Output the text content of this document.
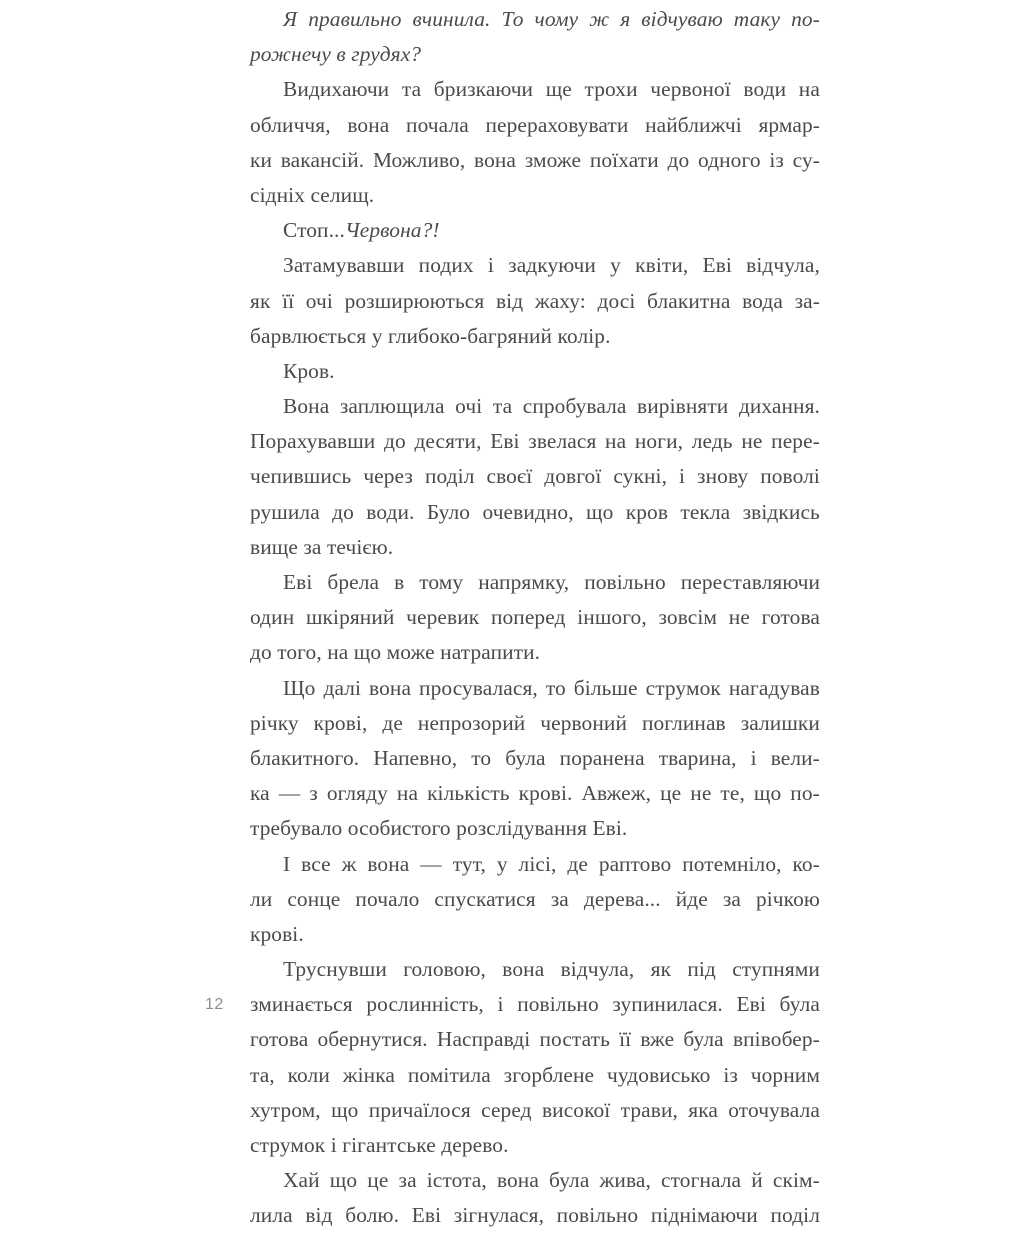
Я правильно вчинила. То чому ж я відчуваю таку по-
рожнечу в грудях?
Видихаючи та бризкаючи ще трохи червоної води на
обличчя, вона почала перераховувати найближчі ярмар-
ки вакансій. Можливо, вона зможе поїхати до одного із су-
сідніх селищ.
Стоп...Червона?!
Затамувавши подих і задкуючи у квіти, Еві відчула,
як її очі розширюються від жаху: досі блакитна вода за-
барвлюється у глибоко-багряний колір.
Кров.
Вона заплющила очі та спробувала вирівняти дихання.
Порахувавши до десяти, Еві звелася на ноги, ледь не пере-
чепившись через поділ своєї довгої сукні, і знову поволі
рушила до води. Було очевидно, що кров текла звідкись
вище за течією.
Еві брела в тому напрямку, повільно переставляючи
один шкіряний черевик поперед іншого, зовсім не готова
до того, на що може натрапити.
Що далі вона просувалася, то більше струмок нагадував
річку крові, де непрозорий червоний поглинав залишки
блакитного. Напевно, то була поранена тварина, і вели-
ка — з огляду на кількість крові. Авжеж, це не те, що по-
требувало особистого розслідування Еві.
І все ж вона — тут, у лісі, де раптово потемніло, ко-
ли сонце почало спускатися за дерева... йде за річкою
крові.
Труснувши головою, вона відчула, як під ступнями
зминається рослинність, і повільно зупинилася. Еві була
готова обернутися. Насправді постать її вже була впівобер-
та, коли жінка помітила згорблене чудовисько із чорним
хутром, що причаїлося серед високої трави, яка оточувала
струмок і гігантське дерево.
Хай що це за істота, вона була жива, стогнала й скім-
лила від болю. Еві зігнулася, повільно піднімаючи поділ
12
